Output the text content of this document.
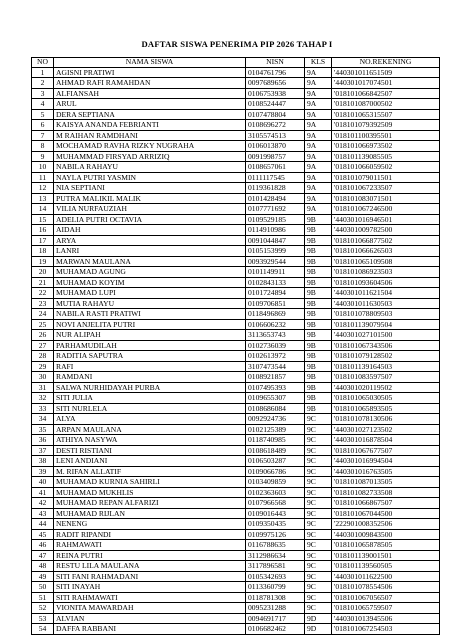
DAFTAR SISWA PENERIMA PIP 2026 TAHAP I
NO	NAMA SISWA	NISN	KLS	NO.REKENING
1	AGISNI PRATIWI	0104761796	9A	'440301011651509
2	AHMAD RAFI RAMAHDAN	0097689656	9A	'440301017074501
3	ALFIANSAH	0106753938	9A	'018101066842507
4	ARUL	0108524447	9A	'018101087000502
5	DERA SEPTIANA	0107478804	9A	'018101065315507
6	KAISYA ANANDA FEBRIANTI	0108696272	9A	'018101079392509
7	M RAIHAN RAMDHANI	3105574513	9A	'018101100395501
8	MOCHAMAD RAVHA RIZKY NUGRAHA	0106013870	9A	'018101066973502
9	MUHAMMAD FIRSYAD ARRIZIQ	0091998757	9A	'018101139085505
10	NABILA RAHAYU	0108657061	9A	'018101066059502
11	NAYLA PUTRI YASMIN	0111117545	9A	'018101079011501
12	NIA SEPTIANI	0119361828	9A	'018101067233507
13	PUTRA MALIKIL MALIK	0101428494	9A	'018101083071501
14	VILIA NURFAUZIAH	0107771692	9A	'018101067246500
15	ADELIA PUTRI OCTAVIA	0109529185	9B	'440301016946501
16	AIDAH	0114910986	9B	'440301009782500
17	ARYA	0091044847	9B	'018101066877502
18	LANRI	0105153999	9B	'018101066626503
19	MARWAN MAULANA	0093929544	9B	'018101065109508
20	MUHAMAD AGUNG	0101149911	9B	'018101086923503
21	MUHAMAD KOYIM	0102843133	9B	'018101093604506
22	MUHAMAD LUPI	0101724894	9B	'440301011621504
23	MUTIA RAHAYU	0109706851	9B	'440301011630503
24	NABILA RASTI PRATIWI	0118496869	9B	'018101078809503
25	NOVI ANJELITA PUTRI	0106606232	9B	'018101139079504
26	NUR ALIPAH	3113653743	9B	'440301027101500
27	PARHAMUDILAH	0102736039	9B	'018101067343506
28	RADITIA SAPUTRA	0102613972	9B	'018101079128502
29	RAFI	3107473544	9B	'018101139164503
30	RAMDANI	0108921857	9B	'018101083597507
31	SALWA NURHIDAYAH PURBA	0107495393	9B	'440301020119502
32	SITI JULIA	0109655307	9B	'018101065030505
33	SITI NURLELA	0108686084	9B	'018101065893505
34	ALYA	0092924736	9C	'018101078130506
35	ARPAN MAULANA	0102125389	9C	'440301027123502
36	ATHIYA NASYWA	0118740985	9C	'440301016878504
37	DESTI RISTIANI	0108618489	9C	'018101067677507
38	LENI ANDIANI	0106503287	9C	'440301016994504
39	M. RIFAN ALLATIF	0109066786	9C	'440301016763505
40	MUHAMAD KURNIA SAHIRLI	0103409859	9C	'018101087013505
41	MUHAMAD MUKHLIS	0102363603	9C	'018101082733508
42	MUHAMAD REPAN ALFARIZI	0107966568	9C	'018101066867507
43	MUHAMAD RIJLAN	0109016443	9C	'018101067044500
44	NENENG	0109350435	9C	'222901008352506
45	RADIT RIPANDI	0109975126	9C	'440301009843500
46	RAHMAWATI	0116788635	9C	'018101065878505
47	REINA PUTRI	3112986634	9C	'018101139001501
48	RESTU LILA MAULANA	3117896581	9C	'018101139560505
49	SITI FANI RAHMADANI	0105342693	9C	'440301011622500
50	SITI INAYAH	0113360799	9C	'018101078554506
51	SITI RAHMAWATI	0118781308	9C	'018101067056507
52	VIONITA MAWARDAH	0095231288	9C	'018101065759507
53	ALVIAN	0094691717	9D	'440301013945506
54	DAFFA RABBANI	0106682462	9D	'018101067254503
